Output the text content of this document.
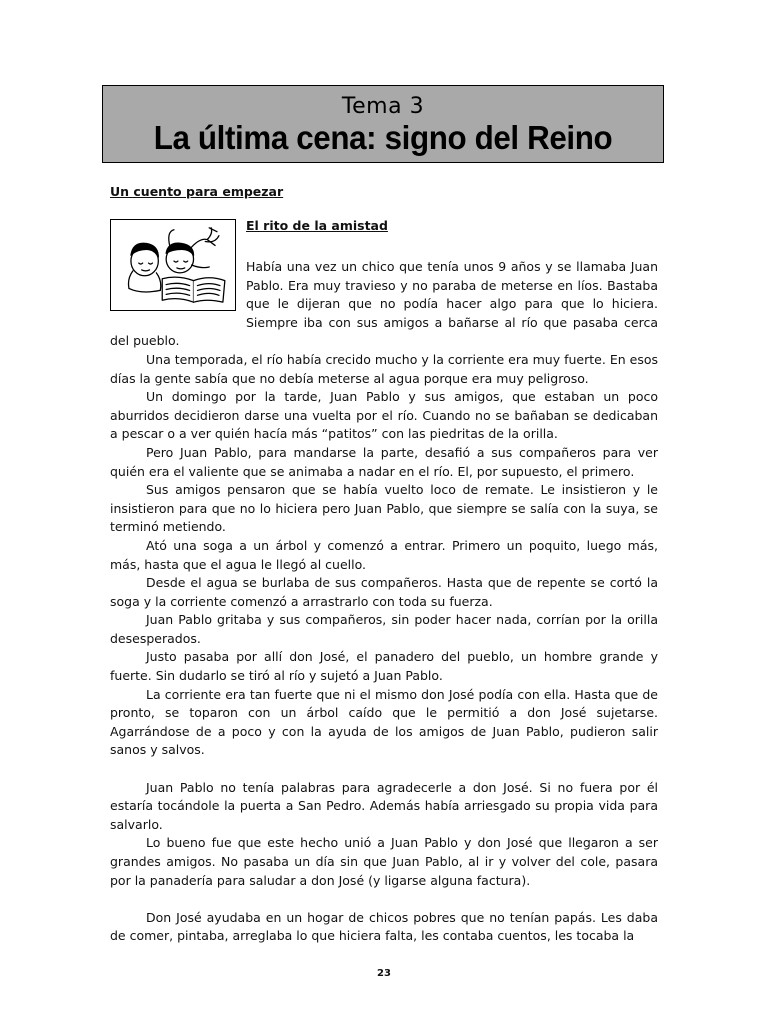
Tema 3
La última cena: signo del Reino
Un cuento para empezar
El rito de la amistad

Había una vez un chico que tenía unos 9 años y se llamaba Juan Pablo. Era muy travieso y no paraba de meterse en líos. Bastaba que le dijeran que no podía hacer algo para que lo hiciera. Siempre iba con sus amigos a bañarse al río que pasaba cerca del pueblo.

Una temporada, el río había crecido mucho y la corriente era muy fuerte. En esos días la gente sabía que no debía meterse al agua porque era muy peligroso.

Un domingo por la tarde, Juan Pablo y sus amigos, que estaban un poco aburridos decidieron darse una vuelta por el río. Cuando no se bañaban se dedicaban a pescar o a ver quién hacía más “patitos” con las piedritas de la orilla.

Pero Juan Pablo, para mandarse la parte, desafió a sus compañeros para ver quién era el valiente que se animaba a nadar en el río. El, por supuesto, el primero.

Sus amigos pensaron que se había vuelto loco de remate. Le insistieron y le insistieron para que no lo hiciera pero Juan Pablo, que siempre se salía con la suya, se terminó metiendo.

Ató una soga a un árbol y comenzó a entrar. Primero un poquito, luego más, más, hasta que el agua le llegó al cuello.

Desde el agua se burlaba de sus compañeros. Hasta que de repente se cortó la soga y la corriente comenzó a arrastrarlo con toda su fuerza.

Juan Pablo gritaba y sus compañeros, sin poder hacer nada, corrían por la orilla desesperados.

Justo pasaba por allí don José, el panadero del pueblo, un hombre grande y fuerte. Sin dudarlo se tiró al río y sujetó a Juan Pablo.

La corriente era tan fuerte que ni el mismo don José podía con ella. Hasta que de pronto, se toparon con un árbol caído que le permitió a don José sujetarse. Agarrándose de a poco y con la ayuda de los amigos de Juan Pablo, pudieron salir sanos y salvos.

Juan Pablo no tenía palabras para agradecerle a don José. Si no fuera por él estaría tocándole la puerta a San Pedro. Además había arriesgado su propia vida para salvarlo.

Lo bueno fue que este hecho unió a Juan Pablo y don José que llegaron a ser grandes amigos. No pasaba un día sin que Juan Pablo, al ir y volver del cole, pasara por la panadería para saludar a don José (y ligarse alguna factura).

Don José ayudaba en un hogar de chicos pobres que no tenían papás. Les daba de comer, pintaba, arreglaba lo que hiciera falta, les contaba cuentos, les tocaba la

23
